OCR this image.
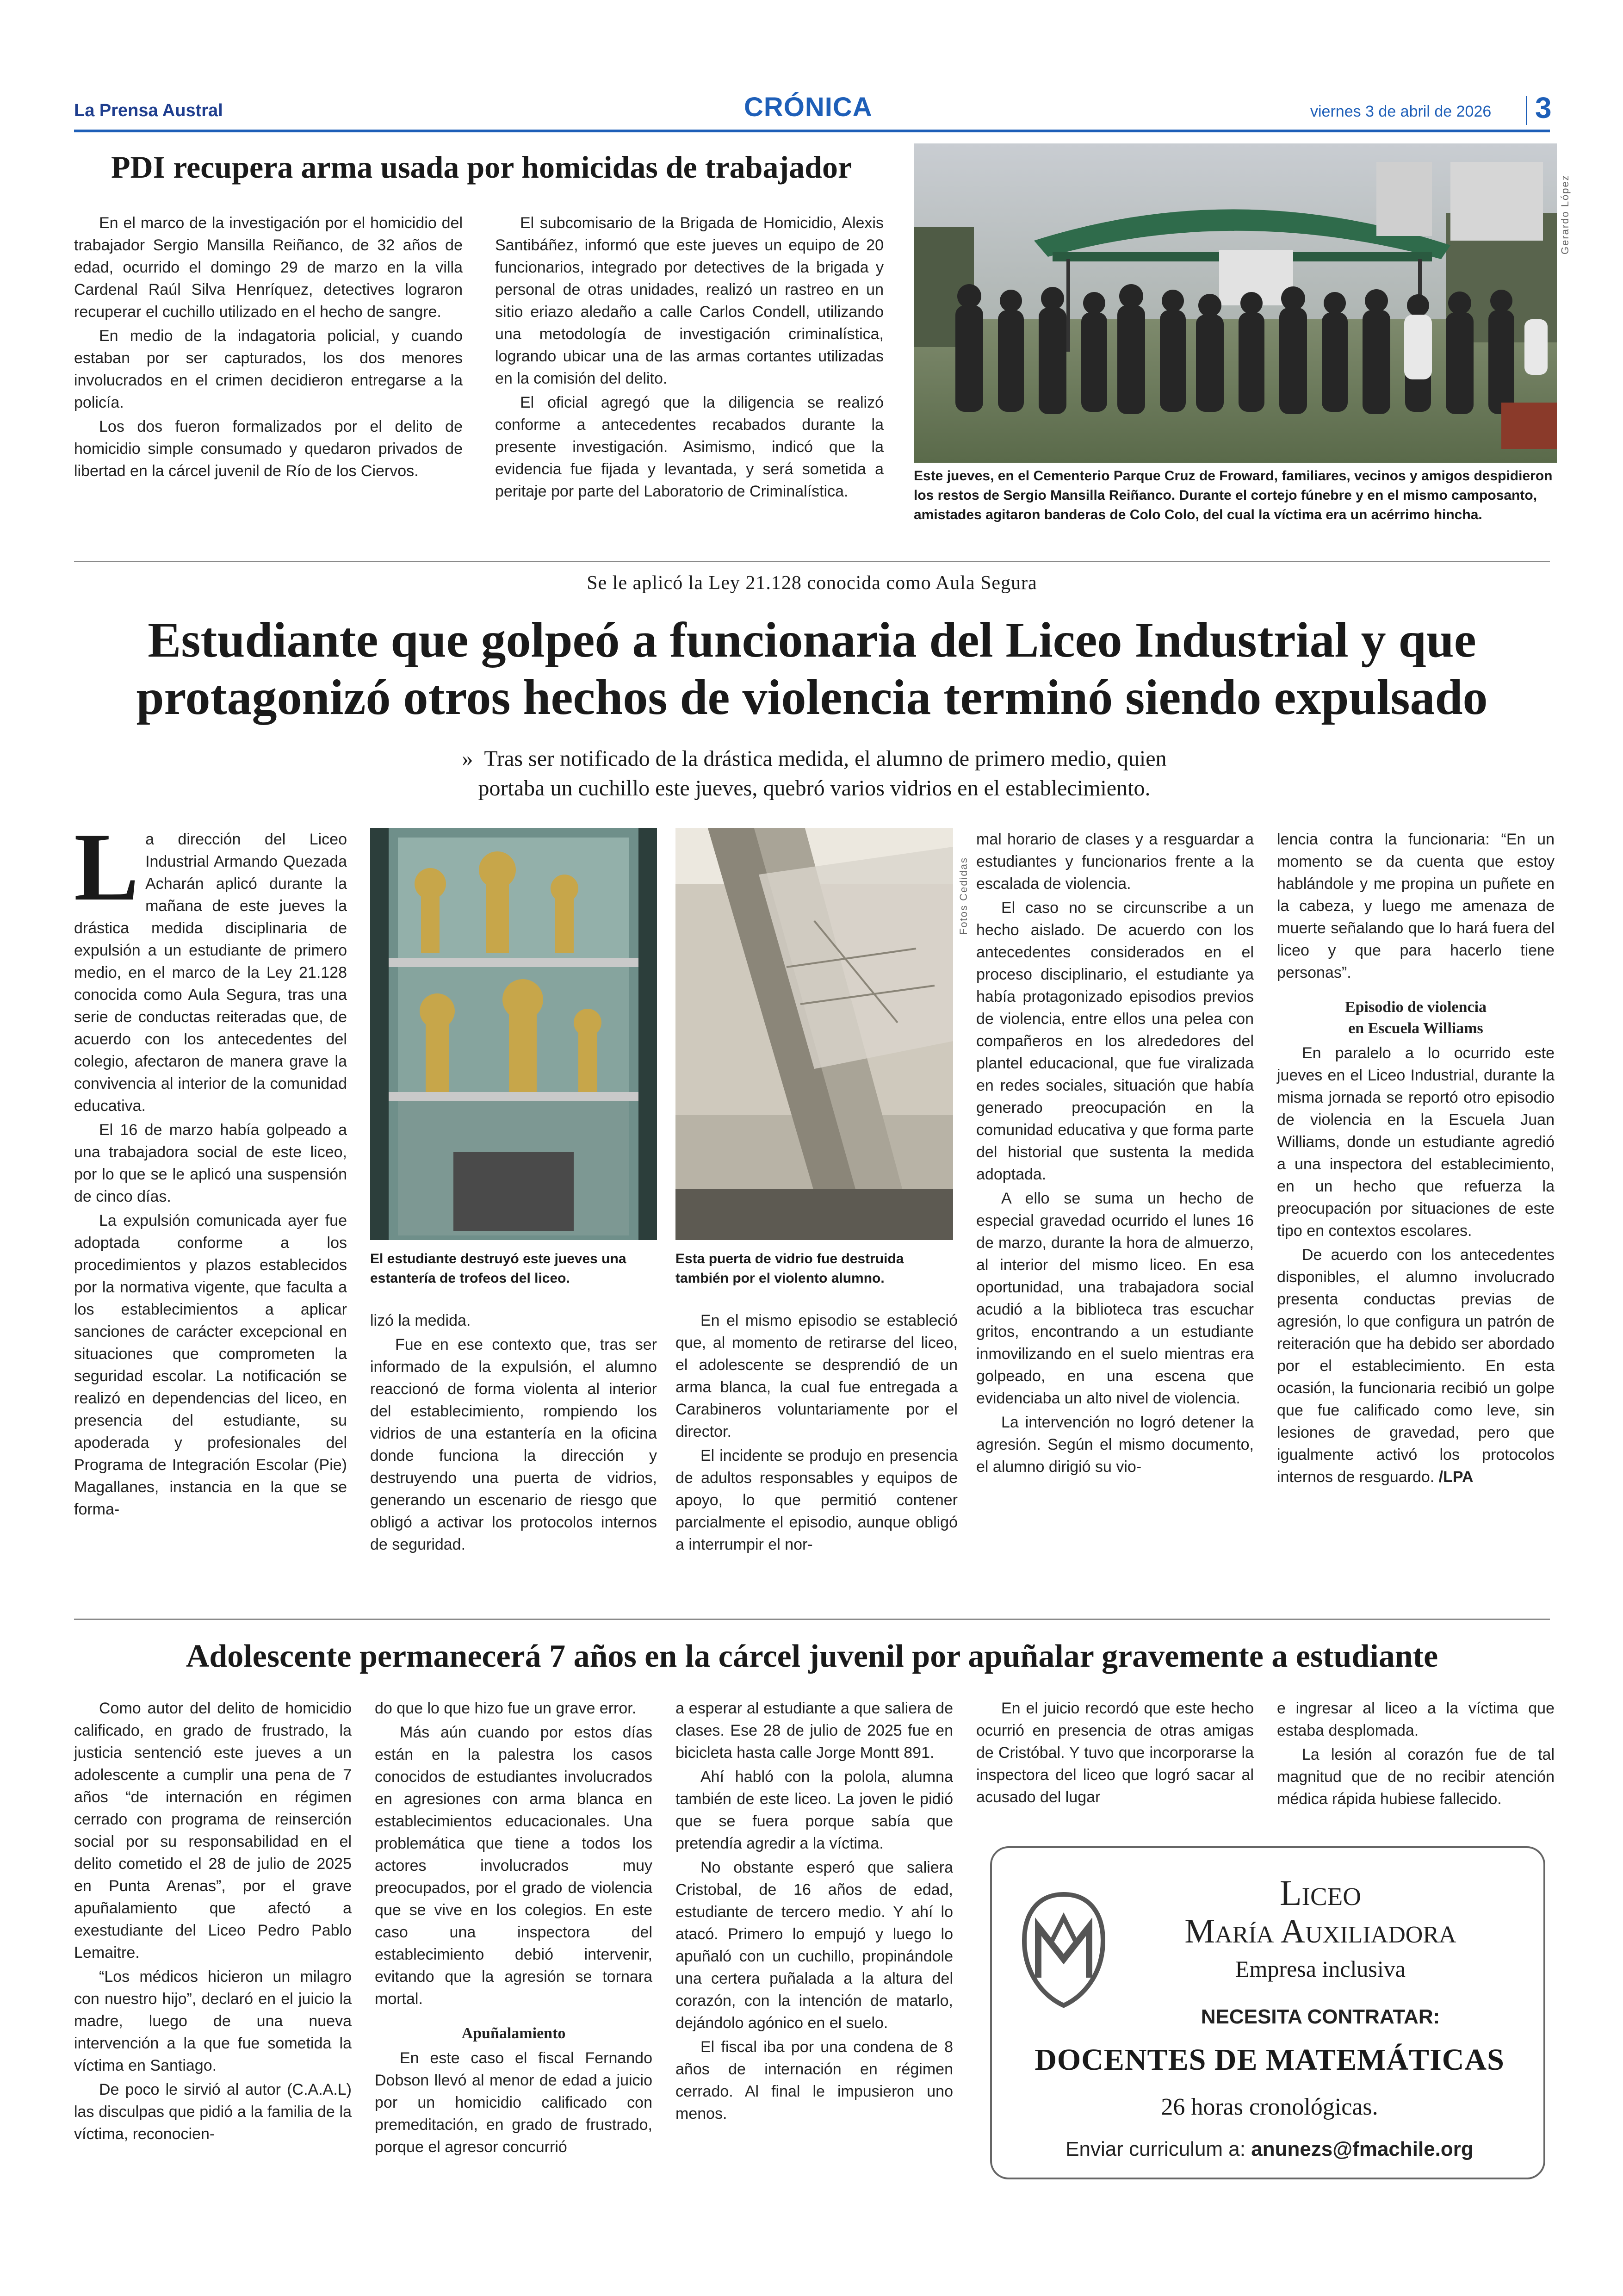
La Prensa Austral	CRÓNICA	viernes 3 de abril de 2026 3
PDI recupera arma usada por homicidas de trabajador

En el marco de la investigación por el homicidio del trabajador Sergio Mansilla Reiñanco, de 32 años de edad, ocurrido el domingo 29 de marzo en la villa Cardenal Raúl Silva Henríquez, detectives lograron recuperar el cuchillo utilizado en el hecho de sangre.

En medio de la indagatoria policial, y cuando estaban por ser capturados, los dos menores involucrados en el crimen decidieron entregarse a la policía.

Los dos fueron formalizados por el delito de homicidio simple consumado y quedaron privados de libertad en la cárcel juvenil de Río de los Ciervos.

El subcomisario de la Brigada de Homicidio, Alexis Santibáñez, informó que este jueves un equipo de 20 funcionarios, integrado por detectives de la brigada y personal de otras unidades, realizó un rastreo en un sitio eriazo aledaño a calle Carlos Condell, utilizando una metodología de investigación criminalística, logrando ubicar una de las armas cortantes utilizadas en la comisión del delito.

El oficial agregó que la diligencia se realizó conforme a antecedentes recabados durante la presente investigación. Asimismo, indicó que la evidencia fue fijada y levantada, y será sometida a peritaje por parte del Laboratorio de Criminalística.

Gerardo López
Este jueves, en el Cementerio Parque Cruz de Froward, familiares, vecinos y amigos despidieron los restos de Sergio Mansilla Reiñanco. Durante el cortejo fúnebre y en el mismo camposanto, amistades agitaron banderas de Colo Colo, del cual la víctima era un acérrimo hincha.
Se le aplicó la Ley 21.128 conocida como Aula Segura
Estudiante que golpeó a funcionaria del Liceo Industrial y que
protagonizó otros hechos de violencia terminó siendo expulsado
» Tras ser notificado de la drástica medida, el alumno de primero medio, quien
portaba un cuchillo este jueves, quebró varios vidrios en el establecimiento.

La dirección del Liceo Industrial Armando Quezada Acharán aplicó durante la mañana de este jueves la drástica medida disciplinaria de expulsión a un estudiante de primero medio, en el marco de la Ley 21.128 conocida como Aula Segura, tras una serie de conductas reiteradas que, de acuerdo con los antecedentes del colegio, afectaron de manera grave la convivencia al interior de la comunidad educativa.

El 16 de marzo había golpeado a una trabajadora social de este liceo, por lo que se le aplicó una suspensión de cinco días.

La expulsión comunicada ayer fue adoptada conforme a los procedimientos y plazos establecidos por la normativa vigente, que faculta a los establecimientos a aplicar sanciones de carácter excepcional en situaciones que comprometen la seguridad escolar. La notificación se realizó en dependencias del liceo, en presencia del estudiante, su apoderada y profesionales del Programa de Integración Escolar (Pie) Magallanes, instancia en la que se forma-

El estudiante destruyó este jueves una estantería de trofeos del liceo.
Fotos Cedidas
Esta puerta de vidrio fue destruida también por el violento alumno.

lizó la medida.

Fue en ese contexto que, tras ser informado de la expulsión, el alumno reaccionó de forma violenta al interior del establecimiento, rompiendo los vidrios de una estantería en la oficina donde funciona la dirección y destruyendo una puerta de vidrios, generando un escenario de riesgo que obligó a activar los protocolos internos de seguridad.

En el mismo episodio se estableció que, al momento de retirarse del liceo, el adolescente se desprendió de un arma blanca, la cual fue entregada a Carabineros voluntariamente por el director.

El incidente se produjo en presencia de adultos responsables y equipos de apoyo, lo que permitió contener parcialmente el episodio, aunque obligó a interrumpir el nor-

mal horario de clases y a resguardar a estudiantes y funcionarios frente a la escalada de violencia.

El caso no se circunscribe a un hecho aislado. De acuerdo con los antecedentes considerados en el proceso disciplinario, el estudiante ya había protagonizado episodios previos de violencia, entre ellos una pelea con compañeros en los alrededores del plantel educacional, que fue viralizada en redes sociales, situación que había generado preocupación en la comunidad educativa y que forma parte del historial que sustenta la medida adoptada.

A ello se suma un hecho de especial gravedad ocurrido el lunes 16 de marzo, durante la hora de almuerzo, al interior del mismo liceo. En esa oportunidad, una trabajadora social acudió a la biblioteca tras escuchar gritos, encontrando a un estudiante inmovilizando en el suelo mientras era golpeado, en una escena que evidenciaba un alto nivel de violencia.

La intervención no logró detener la agresión. Según el mismo documento, el alumno dirigió su vio-

lencia contra la funcionaria: “En un momento se da cuenta que estoy hablándole y me propina un puñete en la cabeza, y luego me amenaza de muerte señalando que lo hará fuera del liceo y que para hacerlo tiene personas”.

Episodio de violencia
en Escuela Williams

En paralelo a lo ocurrido este jueves en el Liceo Industrial, durante la misma jornada se reportó otro episodio de violencia en la Escuela Juan Williams, donde un estudiante agredió a una inspectora del establecimiento, en un hecho que refuerza la preocupación por situaciones de este tipo en contextos escolares.

De acuerdo con los antecedentes disponibles, el alumno involucrado presenta conductas previas de agresión, lo que configura un patrón de reiteración que ha debido ser abordado por el establecimiento. En esta ocasión, la funcionaria recibió un golpe que fue calificado como leve, sin lesiones de gravedad, pero que igualmente activó los protocolos internos de resguardo. /LPA

Adolescente permanecerá 7 años en la cárcel juvenil por apuñalar gravemente a estudiante

Como autor del delito de homicidio calificado, en grado de frustrado, la justicia sentenció este jueves a un adolescente a cumplir una pena de 7 años “de internación en régimen cerrado con programa de reinserción social por su responsabilidad en el delito cometido el 28 de julio de 2025 en Punta Arenas”, por el grave apuñalamiento que afectó a exestudiante del Liceo Pedro Pablo Lemaitre.

“Los médicos hicieron un milagro con nuestro hijo”, declaró en el juicio la madre, luego de una nueva intervención a la que fue sometida la víctima en Santiago.

De poco le sirvió al autor (C.A.A.L) las disculpas que pidió a la familia de la víctima, reconocien-

do que lo que hizo fue un grave error.

Más aún cuando por estos días están en la palestra los casos conocidos de estudiantes involucrados en agresiones con arma blanca en establecimientos educacionales. Una problemática que tiene a todos los actores involucrados muy preocupados, por el grado de violencia que se vive en los colegios. En este caso una inspectora del establecimiento debió intervenir, evitando que la agresión se tornara mortal.

Apuñalamiento

En este caso el fiscal Fernando Dobson llevó al menor de edad a juicio por un homicidio calificado con premeditación, en grado de frustrado, porque el agresor concurrió

a esperar al estudiante a que saliera de clases. Ese 28 de julio de 2025 fue en bicicleta hasta calle Jorge Montt 891.

Ahí habló con la polola, alumna también de este liceo. La joven le pidió que se fuera porque sabía que pretendía agredir a la víctima.

No obstante esperó que saliera Cristobal, de 16 años de edad, estudiante de tercero medio. Y ahí lo atacó. Primero lo empujó y luego lo apuñaló con un cuchillo, propinándole una certera puñalada a la altura del corazón, con la intención de matarlo, dejándolo agónico en el suelo.

El fiscal iba por una condena de 8 años de internación en régimen cerrado. Al final le impusieron uno menos.

En el juicio recordó que este hecho ocurrió en presencia de otras amigas de Cristóbal. Y tuvo que incorporarse la inspectora del liceo que logró sacar al acusado del lugar

e ingresar al liceo a la víctima que estaba desplomada.

La lesión al corazón fue de tal magnitud que de no recibir atención médica rápida hubiese fallecido.

Liceo
María Auxiliadora
Empresa inclusiva
NECESITA CONTRATAR:
DOCENTES DE MATEMÁTICAS
26 horas cronológicas.
Enviar curriculum a: anunezs@fmachile.org
